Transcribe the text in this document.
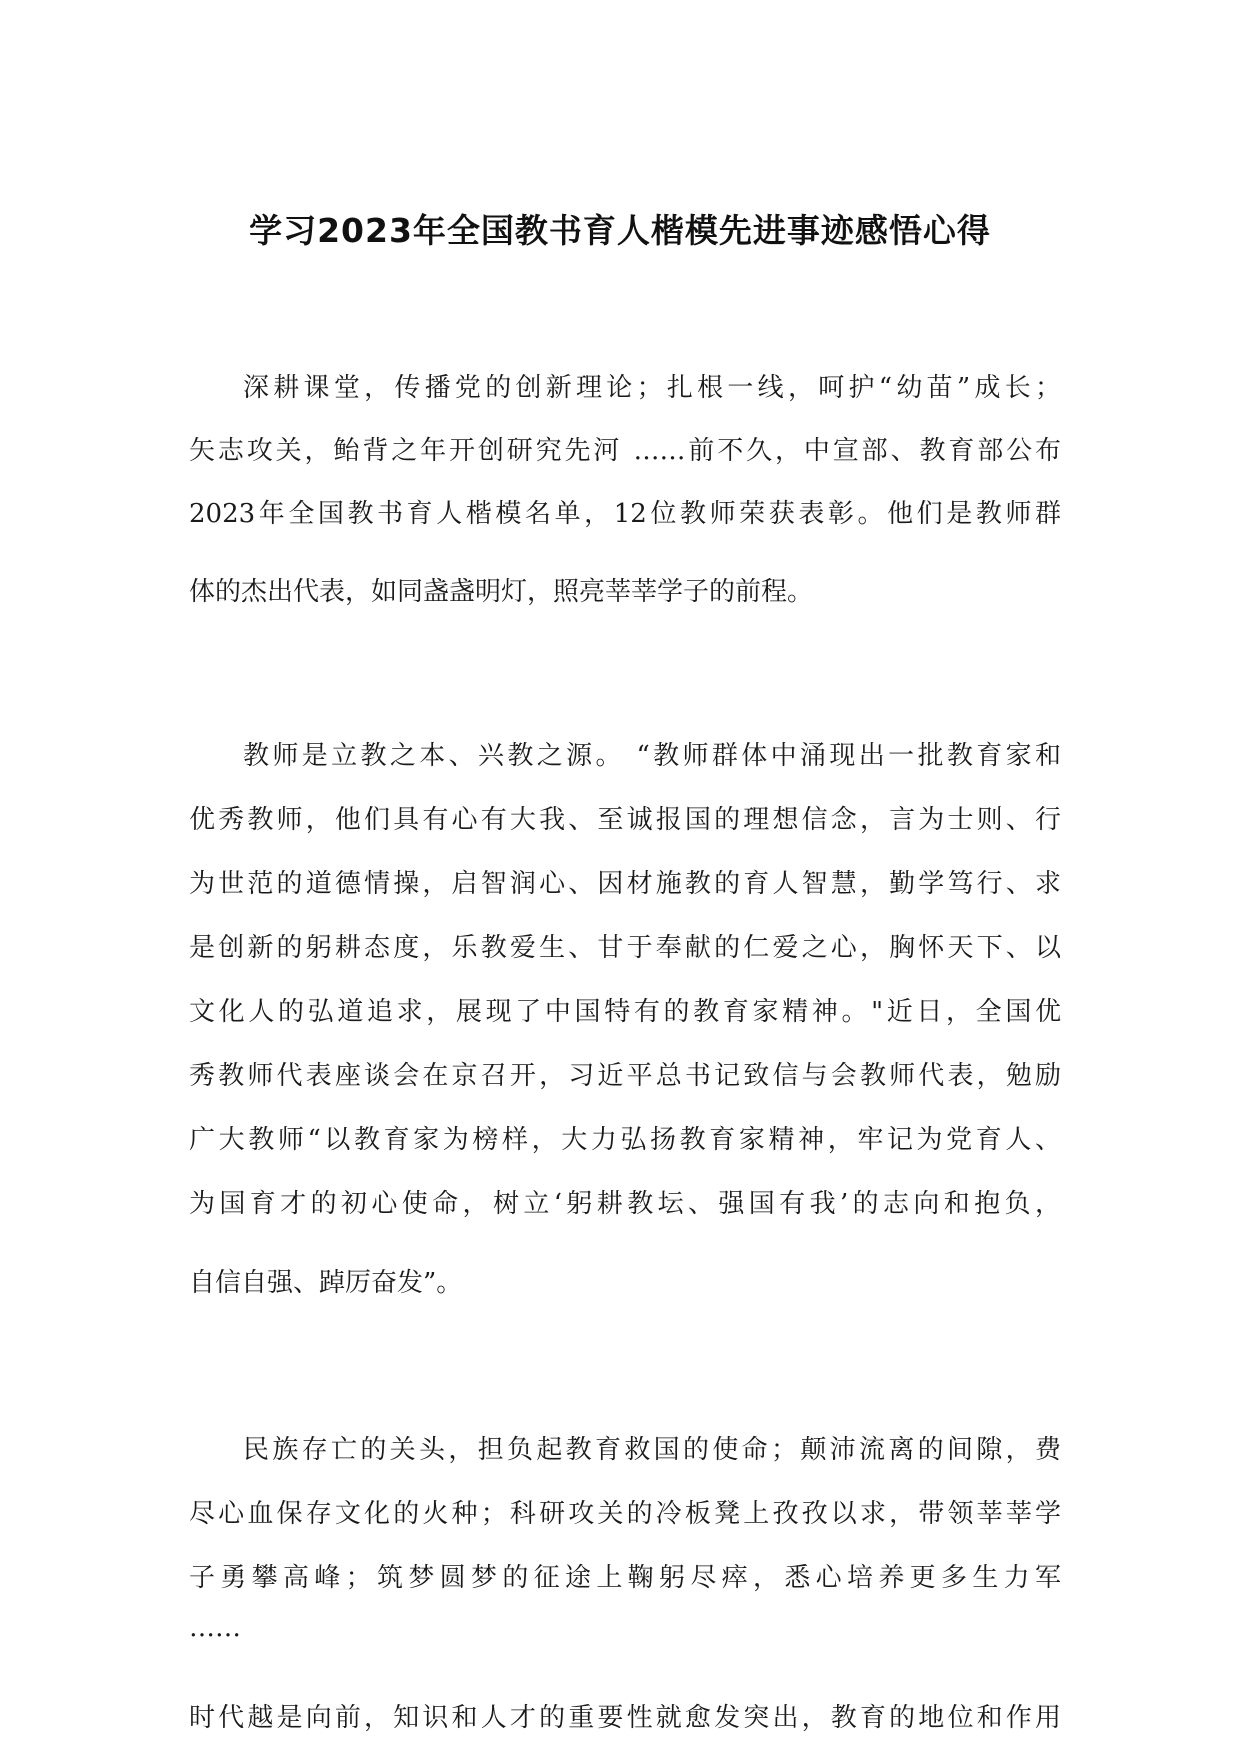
学习2023年全国教书育人楷模先进事迹感悟心得

深耕课堂，传播党的创新理论；扎根一线，呵护“幼苗”成长；

矢志攻关，鲐背之年开创研究先河 ……前不久，中宣部、教育部公布

2023年全国教书育人楷模名单，12位教师荣获表彰。他们是教师群

体的杰出代表，如同盏盏明灯，照亮莘莘学子的前程。

教师是立教之本、兴教之源。 “教师群体中涌现出一批教育家和

优秀教师，他们具有心有大我、至诚报国的理想信念，言为士则、行

为世范的道德情操，启智润心、因材施教的育人智慧，勤学笃行、求

是创新的躬耕态度，乐教爱生、甘于奉献的仁爱之心，胸怀天下、以

文化人的弘道追求，展现了中国特有的教育家精神。"近日，全国优

秀教师代表座谈会在京召开，习近平总书记致信与会教师代表，勉励

广大教师“以教育家为榜样，大力弘扬教育家精神，牢记为党育人、

为国育才的初心使命，树立‘躬耕教坛、强国有我’的志向和抱负，

自信自强、踔厉奋发”。

民族存亡的关头，担负起教育救国的使命；颠沛流离的间隙，费

尽心血保存文化的火种；科研攻关的冷板凳上孜孜以求，带领莘莘学

子勇攀高峰；筑梦圆梦的征途上鞠躬尽瘁，悉心培养更多生力军

……

时代越是向前，知识和人才的重要性就愈发突出，教育的地位和作用
